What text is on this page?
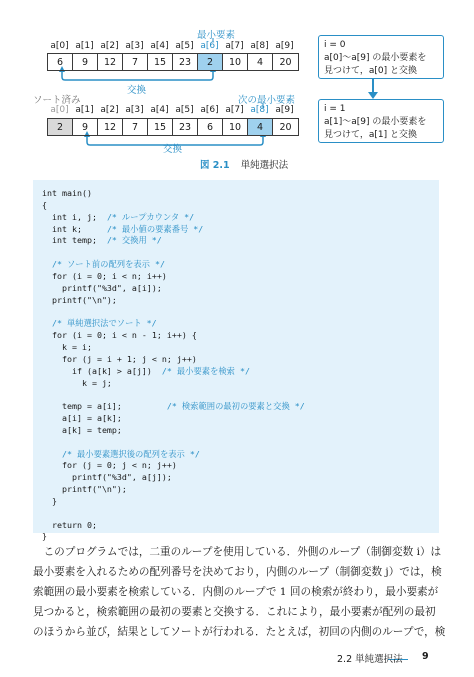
最小要素
a[0] a[1] a[2] a[3] a[4] a[5] a[6] a[7] a[8] a[9]
6	9	12	7	15	23	2	10	4	20
交換
ソート済み	次の最小要素
a[0] a[1] a[2] a[3] a[4] a[5] a[6] a[7] a[8] a[9]
2	9	12	7	15	23	6	10	4	20
交換
i = 0
a[0]〜a[9] の最小要素を
見つけて，a[0] と交換
i = 1
a[1]〜a[9] の最小要素を
見つけて，a[1] と交換
図 2.1 単純選択法
int main()
{
int i, j;  /* ループカウンタ */
int k;     /* 最小値の要素番号 */
int temp;  /* 交換用 */
/* ソート前の配列を表示 */
for (i = 0; i < n; i++)
printf("%3d", a[i]);
printf("\n");
/* 単純選択法でソート */
for (i = 0; i < n - 1; i++) {
k = i;
for (j = i + 1; j < n; j++)
if (a[k] > a[j])  /* 最小要素を検索 */
k = j;
temp = a[i];         /* 検索範囲の最初の要素と交換 */
a[i] = a[k];
a[k] = temp;
/* 最小要素選択後の配列を表示 */
for (j = 0; j < n; j++)
printf("%3d", a[j]);
printf("\n");
}
return 0;
}
　このプログラムでは，二重のループを使用している．外側のループ（制御変数 i）は
最小要素を入れるための配列番号を決めており，内側のループ（制御変数 j）では，検
索範囲の最小要素を検索している．内側のループで 1 回の検索が終わり，最小要素が
見つかると，検索範囲の最初の要素と交換する．これにより，最小要素が配列の最初
のほうから並び，結果としてソートが行われる．たとえば，初回の内側のループで，検
2.2 単純選択法 9
